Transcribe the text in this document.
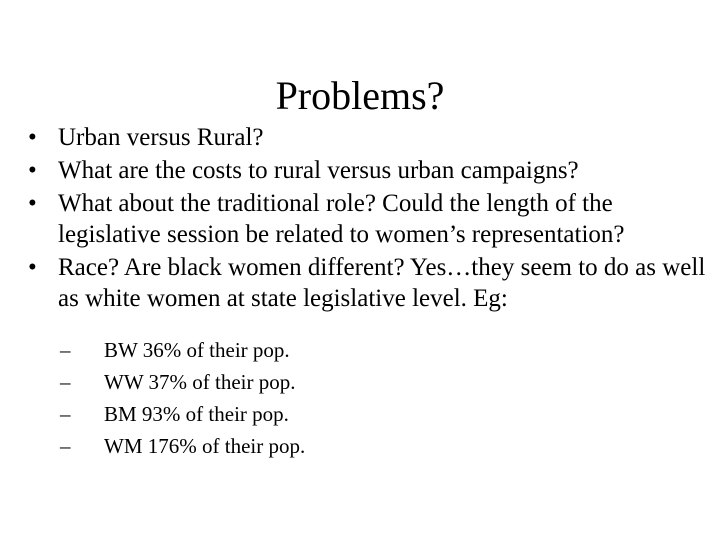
Problems?
• Urban versus Rural?
• What are the costs to rural versus urban campaigns?
• What about the traditional role? Could the length of the legislative session be related to women’s representation?
• Race? Are black women different? Yes…they seem to do as well as white women at state legislative level. Eg:
– BW 36% of their pop.
– WW 37% of their pop.
– BM 93% of their pop.
– WM 176% of their pop.
